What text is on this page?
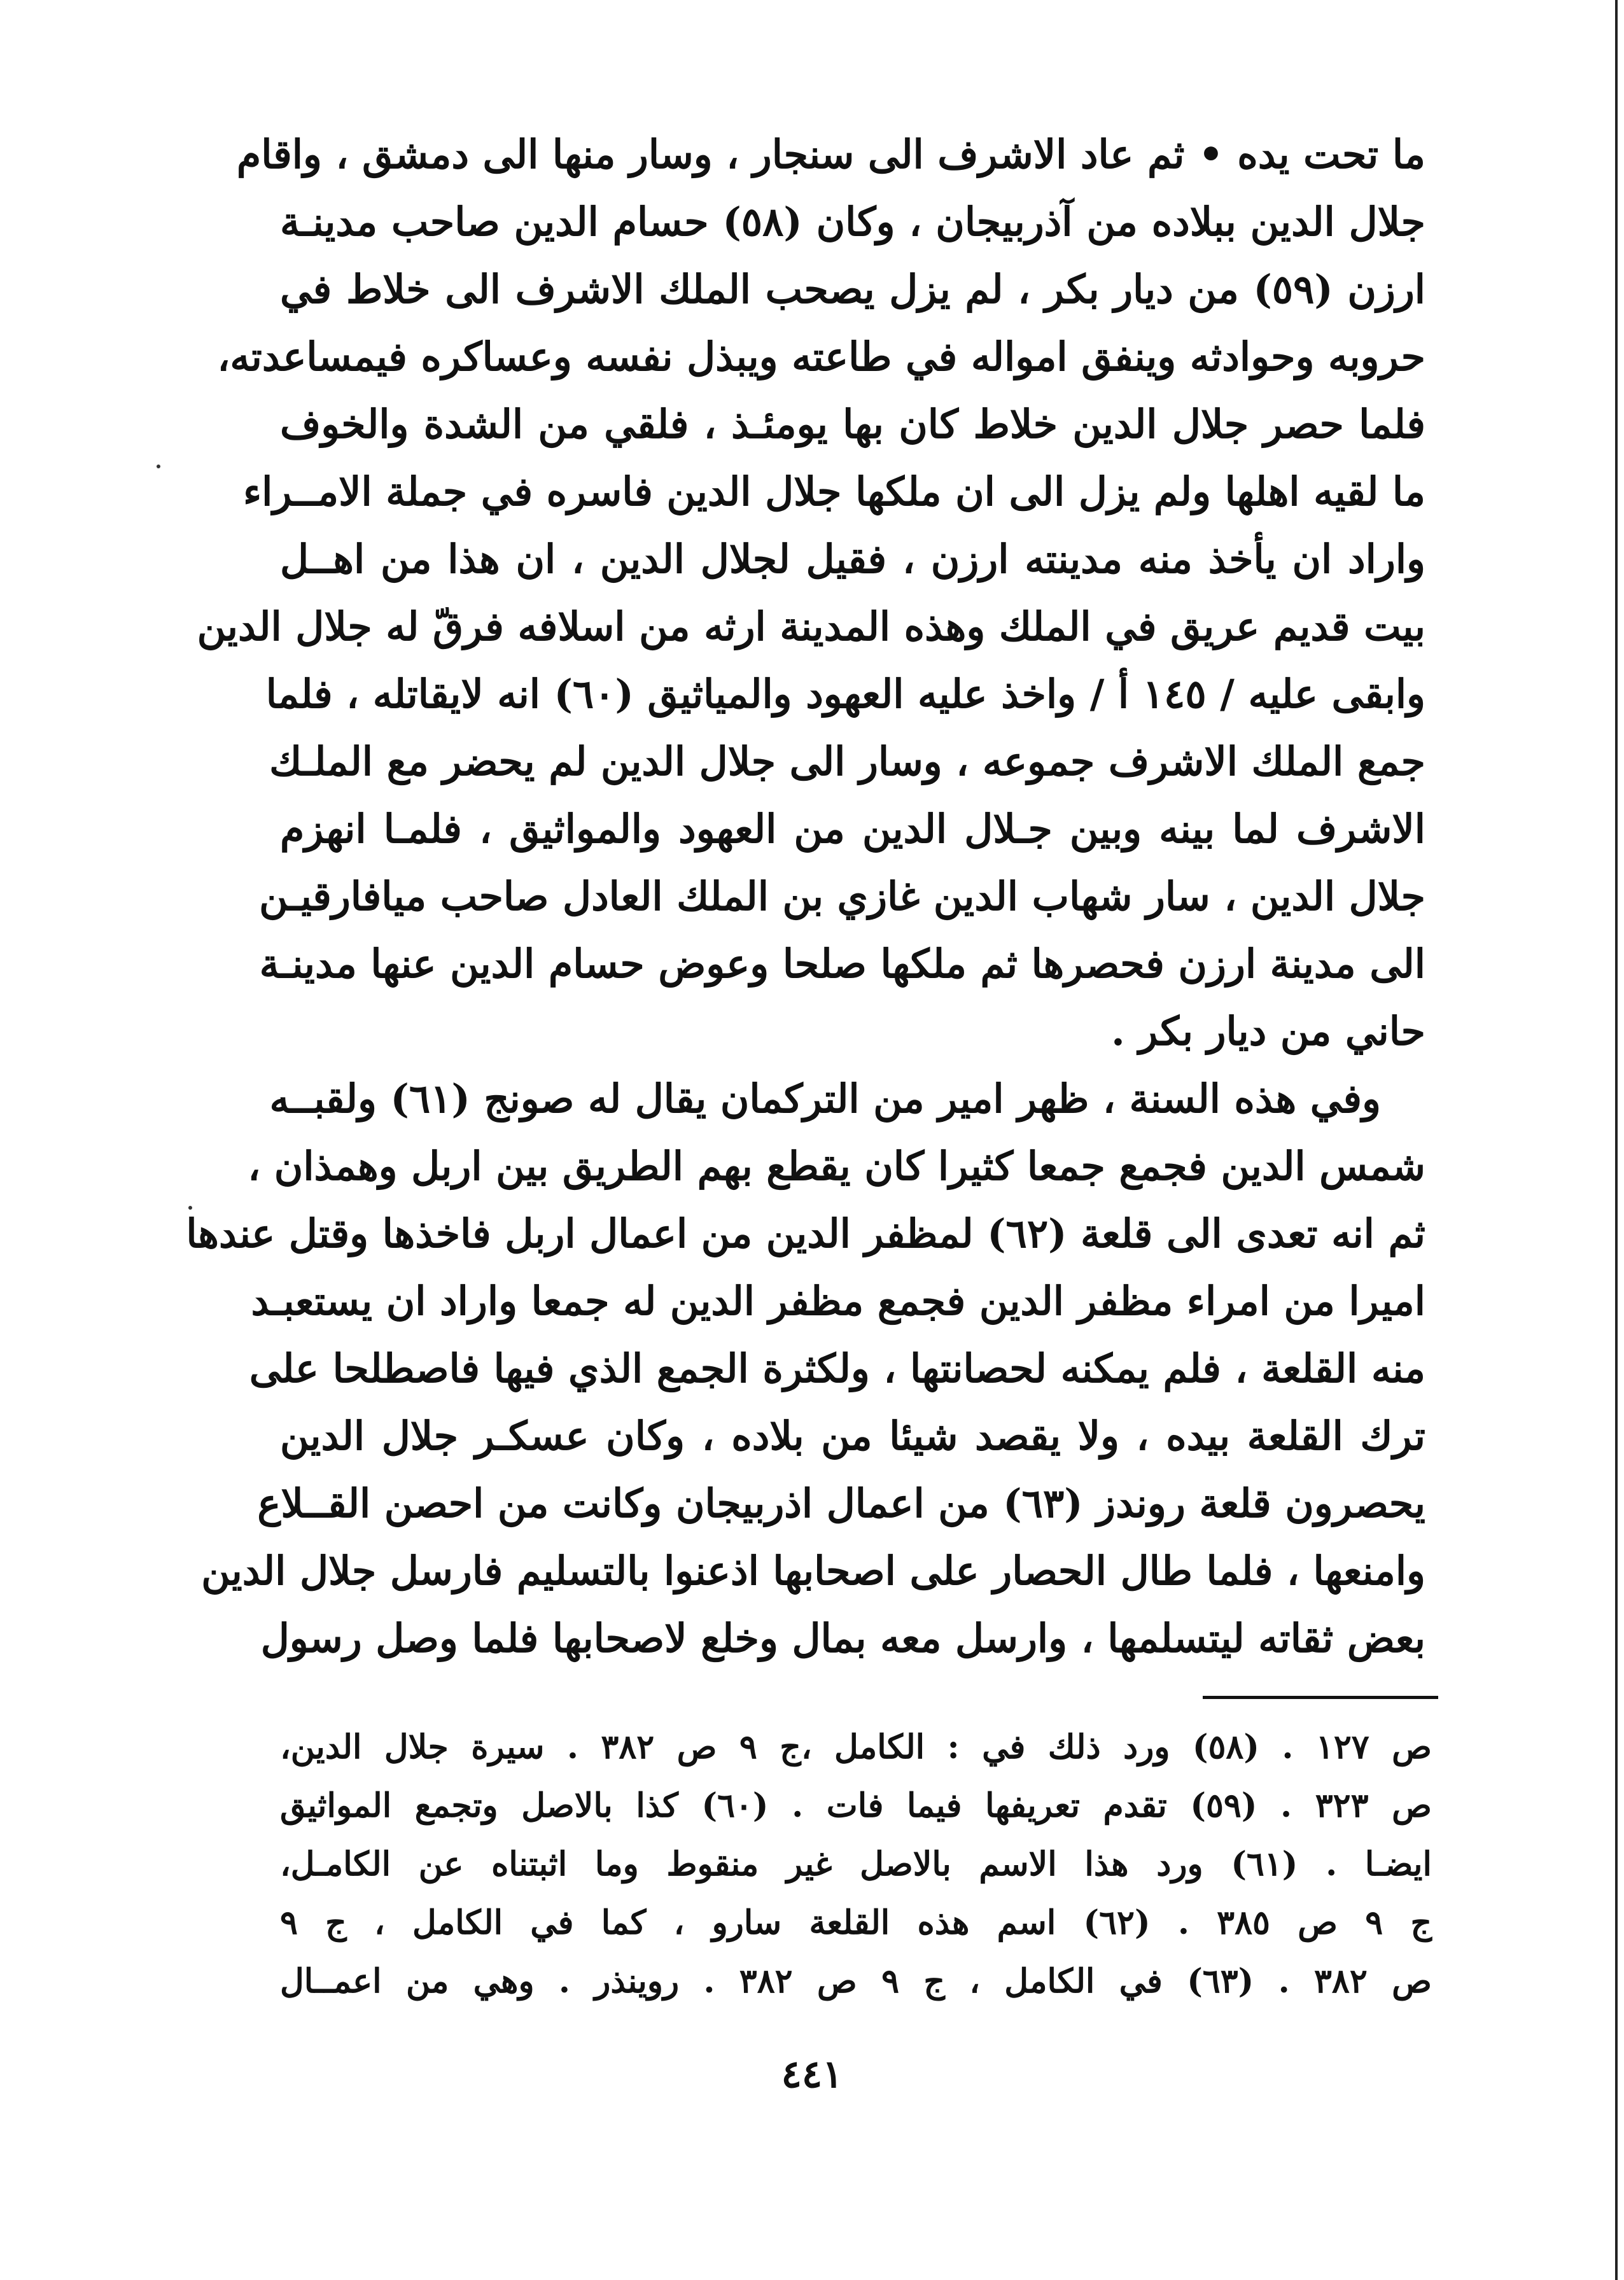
ما تحت يده • ثم عاد الاشرف الى سنجار ، وسار منها الى دمشق ، واقام
جلال الدين ببلاده من آذربيجان ، وكان (٥٨) حسام الدين صاحب مدينـة
ارزن (٥٩) من ديار بكر ، لم يزل يصحب الملك الاشرف الى خلاط في
حروبه وحوادثه وينفق امواله في طاعته ويبذل نفسه وعساكره فيمساعدته،
فلما حصر جلال الدين خلاط كان بها يومئـذ ، فلقي من الشدة والخوف
ما لقيه اهلها ولم يزل الى ان ملكها جلال الدين فاسره في جملة الامــراء
واراد ان يأخذ منه مدينته ارزن ، فقيل لجلال الدين ، ان هذا من اهــل
بيت قديم عريق في الملك وهذه المدينة ارثه من اسلافه فرقّ له جلال الدين
وابقى عليه / ١٤٥ أ / واخذ عليه العهود والمياثيق (٦٠) انه لايقاتله ، فلما
جمع الملك الاشرف جموعه ، وسار الى جلال الدين لم يحضر مع الملـك
الاشرف لما بينه وبين جـلال الدين من العهود والمواثيق ، فلمـا انهزم
جلال الدين ، سار شهاب الدين غازي بن الملك العادل صاحب ميافارقيـن
الى مدينة ارزن فحصرها ثم ملكها صلحا وعوض حسام الدين عنها مدينـة
حاني من ديار بكر .
وفي هذه السنة ، ظهر امير من التركمان يقال له صونج (٦١) ولقبــه
شمس الدين فجمع جمعا كثيرا كان يقطع بهم الطريق بين اربل وهمذان ،
ثم انه تعدى الى قلعة (٦٢) لمظفر الدين من اعمال اربل فاخذها وقتل عندها
اميرا من امراء مظفر الدين فجمع مظفر الدين له جمعا واراد ان يستعبـد
منه القلعة ، فلم يمكنه لحصانتها ، ولكثرة الجمع الذي فيها فاصطلحا على
ترك القلعة بيده ، ولا يقصد شيئا من بلاده ، وكان عسكـر جلال الدين
يحصرون قلعة روندز (٦٣) من اعمال اذربيجان وكانت من احصن القــلاع
وامنعها ، فلما طال الحصار على اصحابها اذعنوا بالتسليم فارسل جلال الدين
بعض ثقاته ليتسلمها ، وارسل معه بمال وخلع لاصحابها فلما وصل رسول
ص ١٢٧ . (٥٨) ورد ذلك في : الكامل ،ج ٩ ص ٣٨٢ . سيرة جلال الدين،
ص ٣٢٣ . (٥٩) تقدم تعريفها فيما فات . (٦٠) كذا بالاصل وتجمع المواثيق
ايضـا . (٦١) ورد هذا الاسم بالاصل غير منقوط وما اثبتناه عن الكامـل،
ج ٩ ص ٣٨٥ . (٦٢) اسم هذه القلعة سارو ، كما في الكامل ، ج ٩
ص ٣٨٢ . (٦٣) في الكامل ، ج ٩ ص ٣٨٢ . روينذر . وهي من اعمــال
٤٤١
